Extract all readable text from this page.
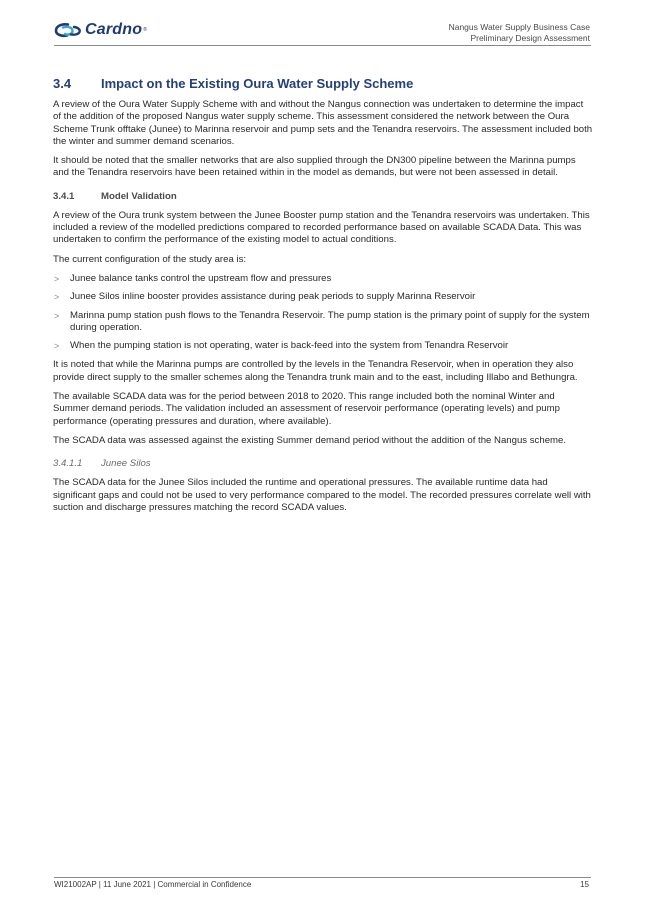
Cardno ®	Nangus Water Supply Business Case
Preliminary Design Assessment
3.4	Impact on the Existing Oura Water Supply Scheme

A review of the Oura Water Supply Scheme with and without the Nangus connection was undertaken to determine the impact of the addition of the proposed Nangus water supply scheme. This assessment considered the network between the Oura Scheme Trunk offtake (Junee) to Marinna reservoir and pump sets and the Tenandra reservoirs. The assessment included both the winter and summer demand scenarios.

It should be noted that the smaller networks that are also supplied through the DN300 pipeline between the Marinna pumps and the Tenandra reservoirs have been retained within in the model as demands, but were not been assessed in detail.

3.4.1	Model Validation

A review of the Oura trunk system between the Junee Booster pump station and the Tenandra reservoirs was undertaken. This included a review of the modelled predictions compared to recorded performance based on available SCADA Data. This was undertaken to confirm the performance of the existing model to actual conditions.

The current configuration of the study area is:

> Junee balance tanks control the upstream flow and pressures
> Junee Silos inline booster provides assistance during peak periods to supply Marinna Reservoir
> Marinna pump station push flows to the Tenandra Reservoir. The pump station is the primary point of supply for the system during operation.
> When the pumping station is not operating, water is back-feed into the system from Tenandra Reservoir

It is noted that while the Marinna pumps are controlled by the levels in the Tenandra Reservoir, when in operation they also provide direct supply to the smaller schemes along the Tenandra trunk main and to the east, including Illabo and Bethungra.

The available SCADA data was for the period between 2018 to 2020. This range included both the nominal Winter and Summer demand periods. The validation included an assessment of reservoir performance (operating levels) and pump performance (operating pressures and duration, where available).

The SCADA data was assessed against the existing Summer demand period without the addition of the Nangus scheme.

3.4.1.1	Junee Silos

The SCADA data for the Junee Silos included the runtime and operational pressures. The available runtime data had significant gaps and could not be used to very performance compared to the model. The recorded pressures correlate well with suction and discharge pressures matching the record SCADA values.

WI21002AP | 11 June 2021 | Commercial in Confidence	15
